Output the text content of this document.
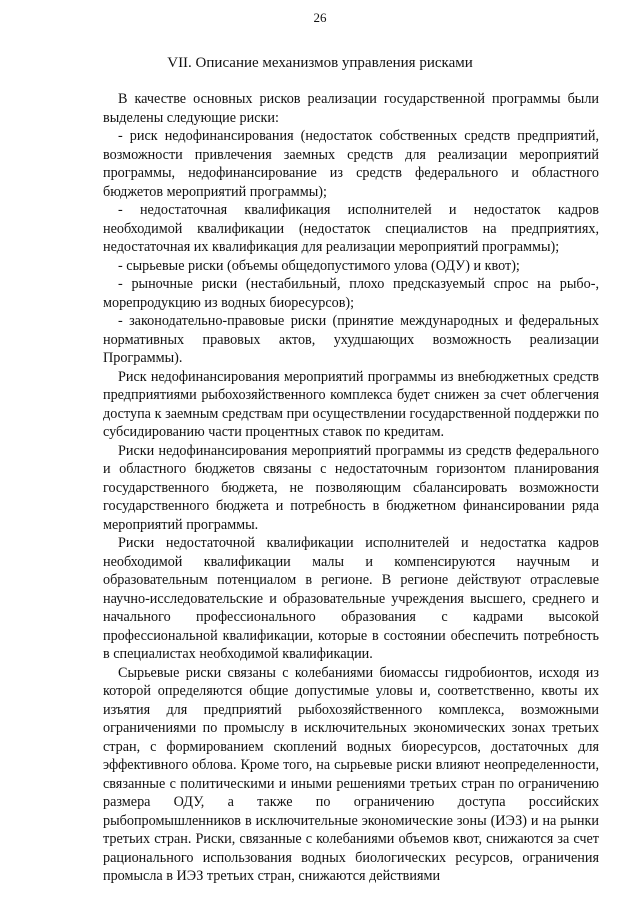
26
VII. Описание механизмов управления рисками

В качестве основных рисков реализации государственной программы были выделены следующие риски:

- риск недофинансирования (недостаток собственных средств предприятий, возможности привлечения заемных средств для реализации мероприятий программы, недофинансирование из средств федерального и областного бюджетов мероприятий программы);

- недостаточная квалификация исполнителей и недостаток кадров необходимой квалификации (недостаток специалистов на предприятиях, недостаточная их квалификация для реализации мероприятий программы);

- сырьевые риски (объемы общедопустимого улова (ОДУ) и квот);

- рыночные риски (нестабильный, плохо предсказуемый спрос на рыбо-, морепродукцию из водных биоресурсов);

- законодательно-правовые риски (принятие международных и федеральных нормативных правовых актов, ухудшающих возможность реализации Программы).

Риск недофинансирования мероприятий программы из внебюджетных средств предприятиями рыбохозяйственного комплекса будет снижен за счет облегчения доступа к заемным средствам при осуществлении государственной поддержки по субсидированию части процентных ставок по кредитам.

Риски недофинансирования мероприятий программы из средств федерального и областного бюджетов связаны с недостаточным горизонтом планирования государственного бюджета, не позволяющим сбалансировать возможности государственного бюджета и потребность в бюджетном финансировании ряда мероприятий программы.

Риски недостаточной квалификации исполнителей и недостатка кадров необходимой квалификации малы и компенсируются научным и образовательным потенциалом в регионе. В регионе действуют отраслевые научно-исследовательские и образовательные учреждения высшего, среднего и начального профессионального образования с кадрами высокой профессиональной квалификации, которые в состоянии обеспечить потребность в специалистах необходимой квалификации.

Сырьевые риски связаны с колебаниями биомассы гидробионтов, исходя из которой определяются общие допустимые уловы и, соответственно, квоты их изъятия для предприятий рыбохозяйственного комплекса, возможными ограничениями по промыслу в исключительных экономических зонах третьих стран, с формированием скоплений водных биоресурсов, достаточных для эффективного облова. Кроме того, на сырьевые риски влияют неопределенности, связанные с политическими и иными решениями третьих стран по ограничению размера ОДУ, а также по ограничению доступа российских рыбопромышленников в исключительные экономические зоны (ИЭЗ) и на рынки третьих стран. Риски, связанные с колебаниями объемов квот, снижаются за счет рационального использования водных биологических ресурсов, ограничения промысла в ИЭЗ третьих стран, снижаются действиями
